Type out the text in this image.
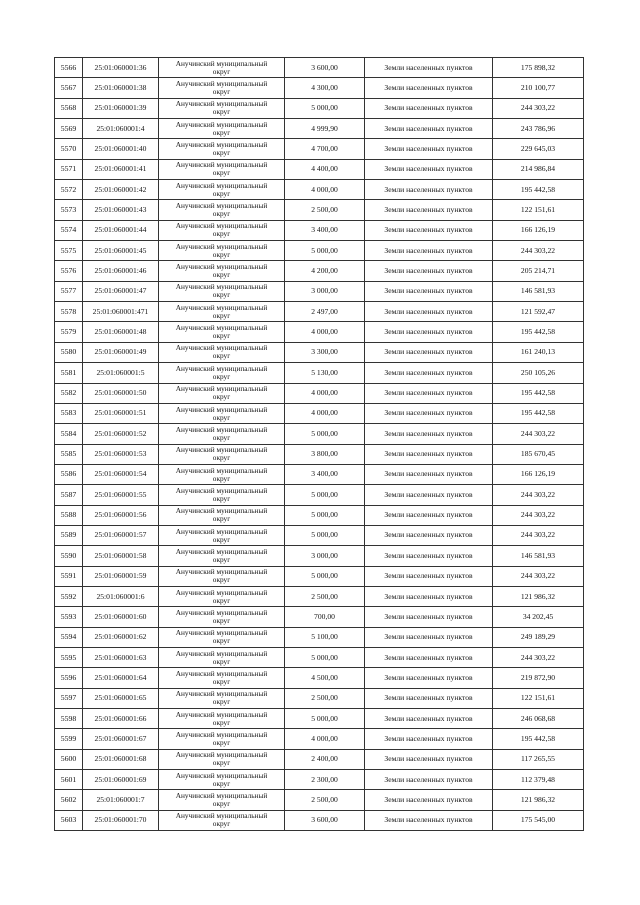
5566	25:01:060001:36	Анучинский муниципальный
округ	3 600,00	Земли населенных пунктов	175 898,32
5567	25:01:060001:38	Анучинский муниципальный
округ	4 300,00	Земли населенных пунктов	210 100,77
5568	25:01:060001:39	Анучинский муниципальный
округ	5 000,00	Земли населенных пунктов	244 303,22
5569	25:01:060001:4	Анучинский муниципальный
округ	4 999,90	Земли населенных пунктов	243 786,96
5570	25:01:060001:40	Анучинский муниципальный
округ	4 700,00	Земли населенных пунктов	229 645,03
5571	25:01:060001:41	Анучинский муниципальный
округ	4 400,00	Земли населенных пунктов	214 986,84
5572	25:01:060001:42	Анучинский муниципальный
округ	4 000,00	Земли населенных пунктов	195 442,58
5573	25:01:060001:43	Анучинский муниципальный
округ	2 500,00	Земли населенных пунктов	122 151,61
5574	25:01:060001:44	Анучинский муниципальный
округ	3 400,00	Земли населенных пунктов	166 126,19
5575	25:01:060001:45	Анучинский муниципальный
округ	5 000,00	Земли населенных пунктов	244 303,22
5576	25:01:060001:46	Анучинский муниципальный
округ	4 200,00	Земли населенных пунктов	205 214,71
5577	25:01:060001:47	Анучинский муниципальный
округ	3 000,00	Земли населенных пунктов	146 581,93
5578	25:01:060001:471	Анучинский муниципальный
округ	2 497,00	Земли населенных пунктов	121 592,47
5579	25:01:060001:48	Анучинский муниципальный
округ	4 000,00	Земли населенных пунктов	195 442,58
5580	25:01:060001:49	Анучинский муниципальный
округ	3 300,00	Земли населенных пунктов	161 240,13
5581	25:01:060001:5	Анучинский муниципальный
округ	5 130,00	Земли населенных пунктов	250 105,26
5582	25:01:060001:50	Анучинский муниципальный
округ	4 000,00	Земли населенных пунктов	195 442,58
5583	25:01:060001:51	Анучинский муниципальный
округ	4 000,00	Земли населенных пунктов	195 442,58
5584	25:01:060001:52	Анучинский муниципальный
округ	5 000,00	Земли населенных пунктов	244 303,22
5585	25:01:060001:53	Анучинский муниципальный
округ	3 800,00	Земли населенных пунктов	185 670,45
5586	25:01:060001:54	Анучинский муниципальный
округ	3 400,00	Земли населенных пунктов	166 126,19
5587	25:01:060001:55	Анучинский муниципальный
округ	5 000,00	Земли населенных пунктов	244 303,22
5588	25:01:060001:56	Анучинский муниципальный
округ	5 000,00	Земли населенных пунктов	244 303,22
5589	25:01:060001:57	Анучинский муниципальный
округ	5 000,00	Земли населенных пунктов	244 303,22
5590	25:01:060001:58	Анучинский муниципальный
округ	3 000,00	Земли населенных пунктов	146 581,93
5591	25:01:060001:59	Анучинский муниципальный
округ	5 000,00	Земли населенных пунктов	244 303,22
5592	25:01:060001:6	Анучинский муниципальный
округ	2 500,00	Земли населенных пунктов	121 986,32
5593	25:01:060001:60	Анучинский муниципальный
округ	700,00	Земли населенных пунктов	34 202,45
5594	25:01:060001:62	Анучинский муниципальный
округ	5 100,00	Земли населенных пунктов	249 189,29
5595	25:01:060001:63	Анучинский муниципальный
округ	5 000,00	Земли населенных пунктов	244 303,22
5596	25:01:060001:64	Анучинский муниципальный
округ	4 500,00	Земли населенных пунктов	219 872,90
5597	25:01:060001:65	Анучинский муниципальный
округ	2 500,00	Земли населенных пунктов	122 151,61
5598	25:01:060001:66	Анучинский муниципальный
округ	5 000,00	Земли населенных пунктов	246 068,68
5599	25:01:060001:67	Анучинский муниципальный
округ	4 000,00	Земли населенных пунктов	195 442,58
5600	25:01:060001:68	Анучинский муниципальный
округ	2 400,00	Земли населенных пунктов	117 265,55
5601	25:01:060001:69	Анучинский муниципальный
округ	2 300,00	Земли населенных пунктов	112 379,48
5602	25:01:060001:7	Анучинский муниципальный
округ	2 500,00	Земли населенных пунктов	121 986,32
5603	25:01:060001:70	Анучинский муниципальный
округ	3 600,00	Земли населенных пунктов	175 545,00
